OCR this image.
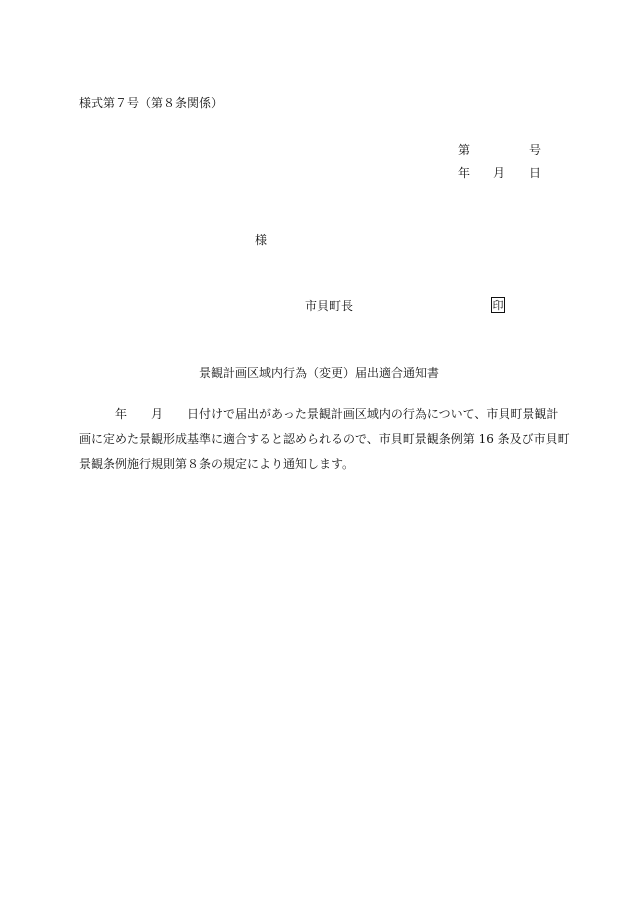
様式第７号（第８条関係）
第	号
年 月 日
様
市貝町長	印
景観計画区域内行為（変更）届出適合通知書
年 月 日付けで届出があった景観計画区域内の行為について、市貝町景観計
画に定めた景観形成基準に適合すると認められるので、市貝町景観条例第 16 条及び市貝町
景観条例施行規則第８条の規定により通知します。
